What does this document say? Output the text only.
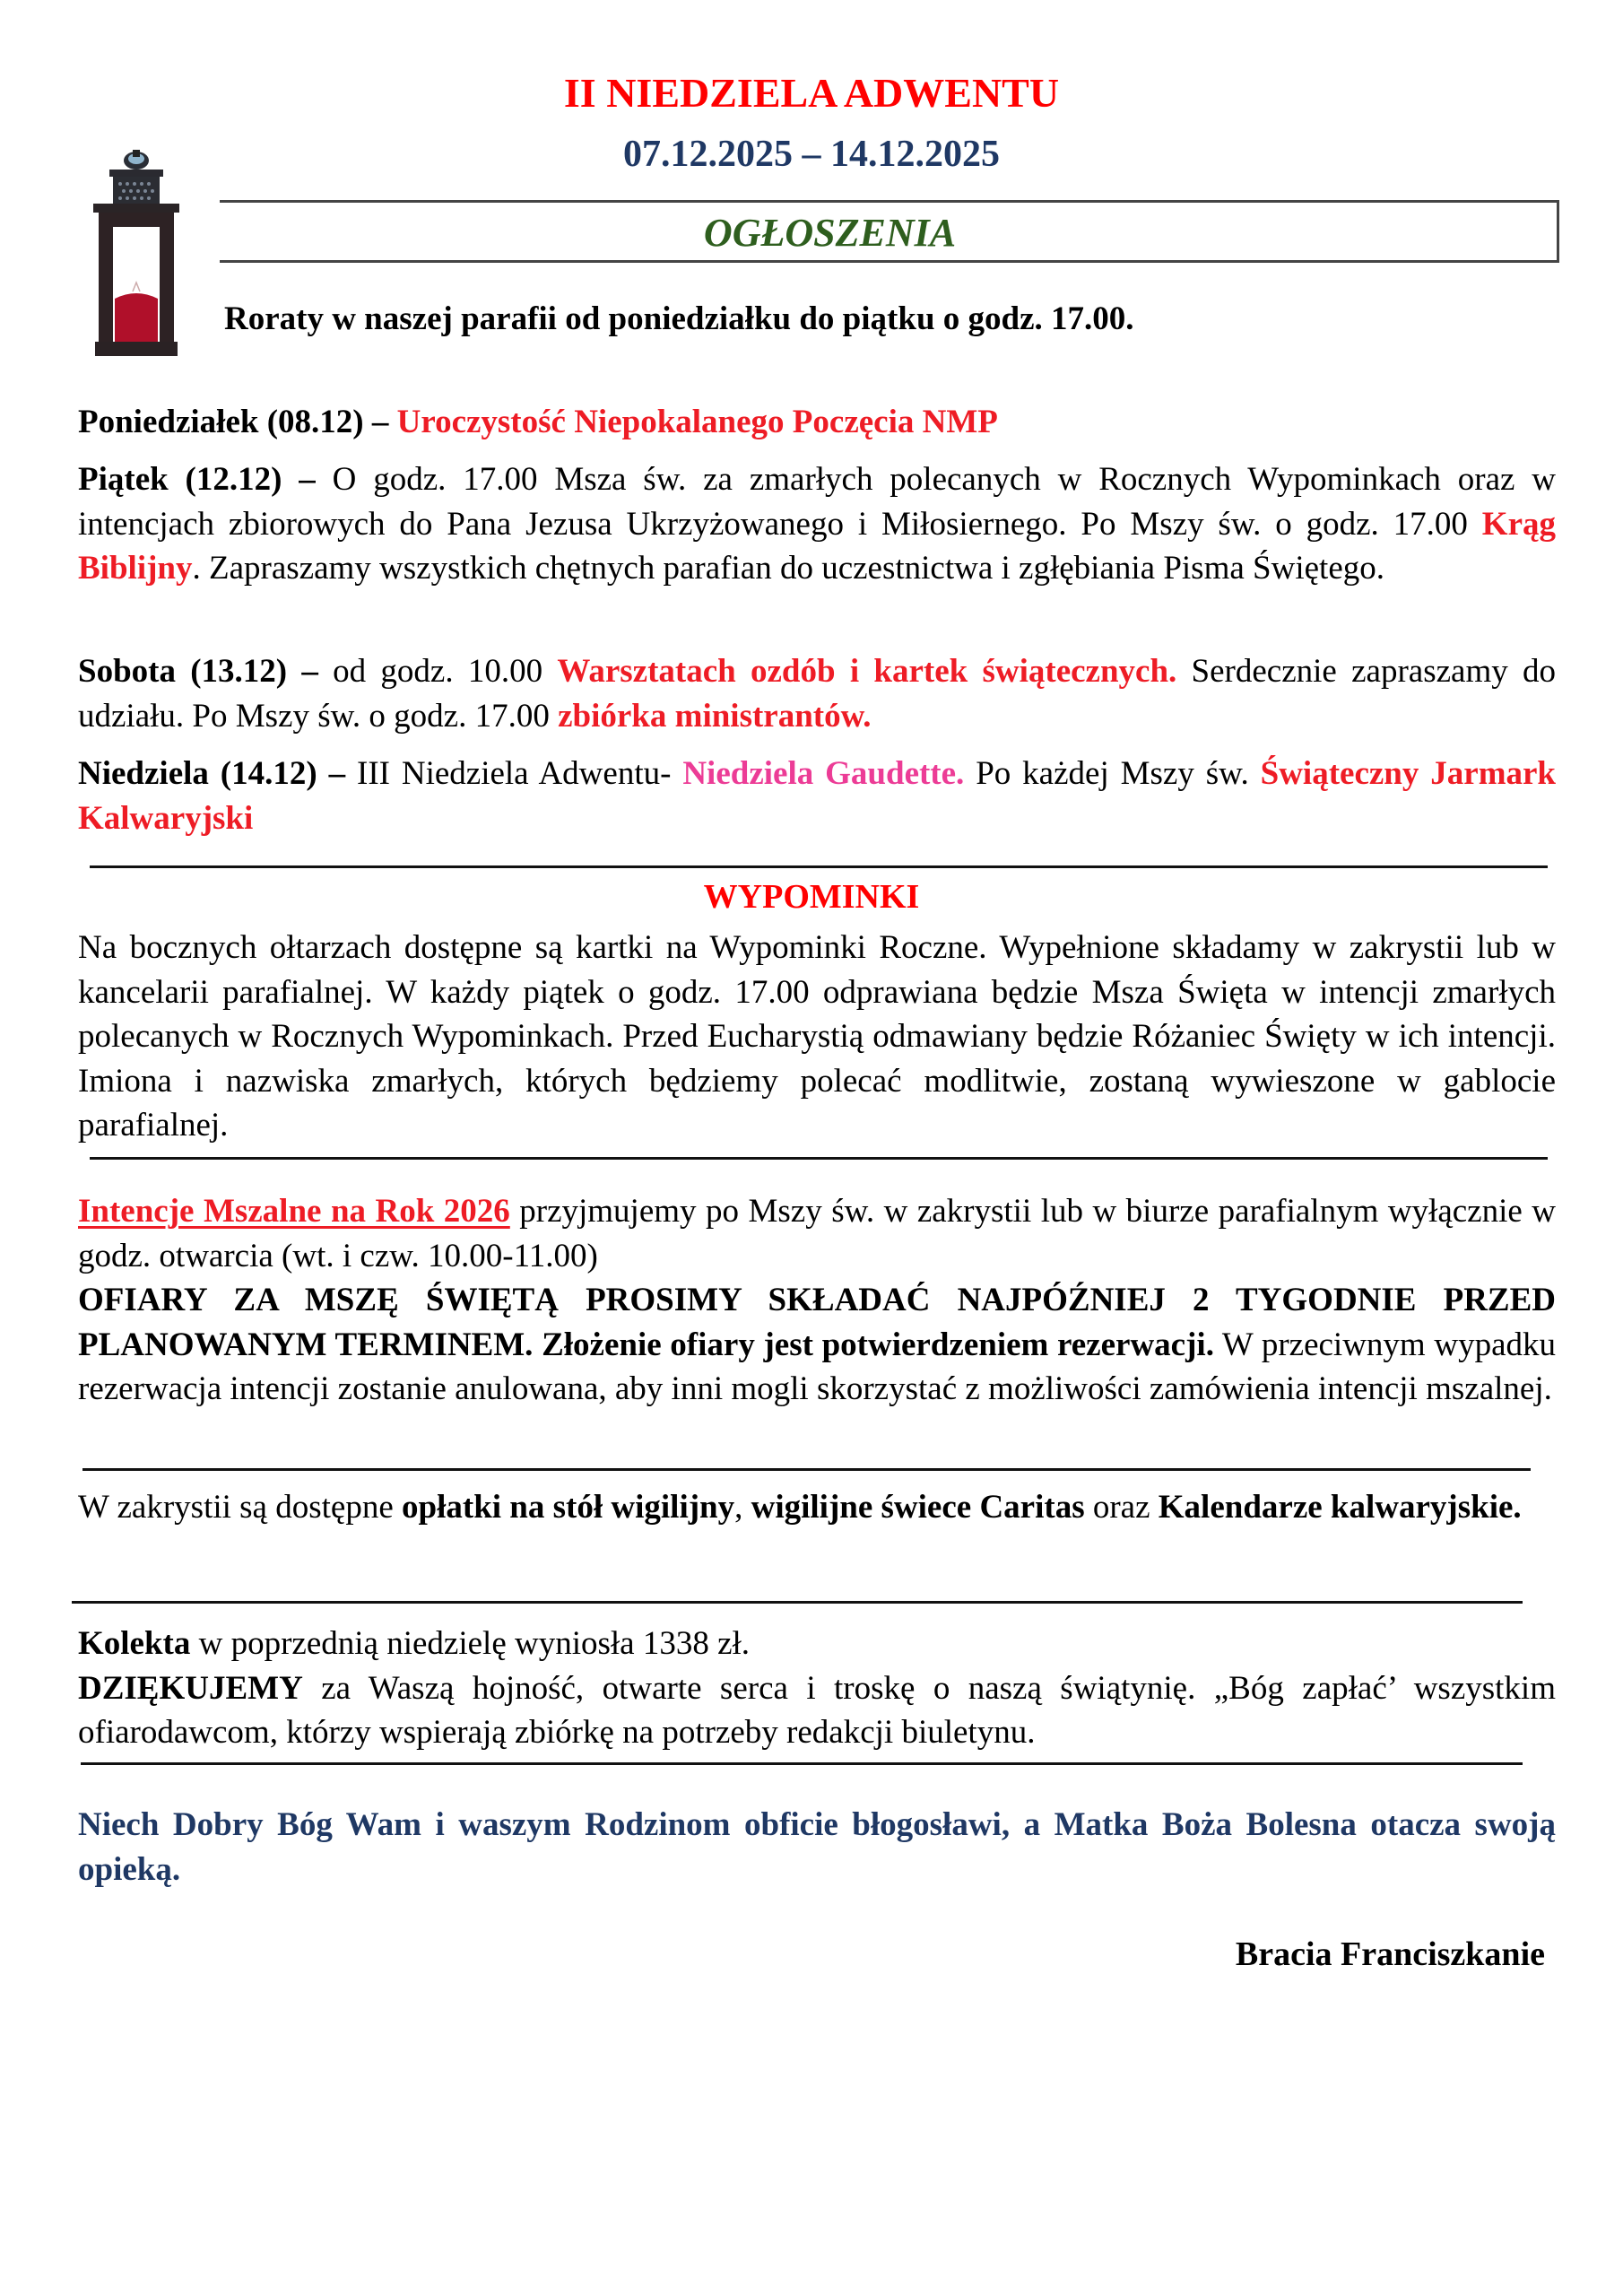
II NIEDZIELA ADWENTU
07.12.2025 – 14.12.2025
OGŁOSZENIA
Roraty w naszej parafii od poniedziałku do piątku o godz. 17.00.
Poniedziałek (08.12) – Uroczystość Niepokalanego Poczęcia NMP

Piątek (12.12) – O godz. 17.00 Msza św. za zmarłych polecanych w Rocznych Wypominkach oraz w intencjach zbiorowych do Pana Jezusa Ukrzyżowanego i Miłosiernego. Po Mszy św. o godz. 17.00 Krąg Biblijny. Zapraszamy wszystkich chętnych parafian do uczestnictwa i zgłębiania Pisma Świętego.

Sobota (13.12) – od godz. 10.00 Warsztatach ozdób i kartek świątecznych. Serdecznie zapraszamy do udziału. Po Mszy św. o godz. 17.00 zbiórka ministrantów.

Niedziela (14.12) – III Niedziela Adwentu- Niedziela Gaudette. Po każdej Mszy św. Świąteczny Jarmark Kalwaryjski

WYPOMINKI

Na bocznych ołtarzach dostępne są kartki na Wypominki Roczne. Wypełnione składamy w zakrystii lub w kancelarii parafialnej. W każdy piątek o godz. 17.00 odprawiana będzie Msza Święta w intencji zmarłych polecanych w Rocznych Wypominkach. Przed Eucharystią odmawiany będzie Różaniec Święty w ich intencji. Imiona i nazwiska zmarłych, których będziemy polecać modlitwie, zostaną wywieszone w gablocie parafialnej.

Intencje Mszalne na Rok 2026 przyjmujemy po Mszy św. w zakrystii lub w biurze parafialnym wyłącznie w godz. otwarcia (wt. i czw. 10.00-11.00)
OFIARY ZA MSZĘ ŚWIĘTĄ PROSIMY SKŁADAĆ NAJPÓŹNIEJ 2 TYGODNIE PRZED PLANOWANYM TERMINEM. Złożenie ofiary jest potwierdzeniem rezerwacji. W przeciwnym wypadku rezerwacja intencji zostanie anulowana, aby inni mogli skorzystać z możliwości zamówienia intencji mszalnej.

W zakrystii są dostępne opłatki na stół wigilijny, wigilijne świece Caritas oraz Kalendarze kalwaryjskie.

Kolekta w poprzednią niedzielę wyniosła 1338 zł.
DZIĘKUJEMY za Waszą hojność, otwarte serca i troskę o naszą świątynię. „Bóg zapłać’ wszystkim ofiarodawcom, którzy wspierają zbiórkę na potrzeby redakcji biuletynu.

Niech Dobry Bóg Wam i waszym Rodzinom obficie błogosławi, a Matka Boża Bolesna otacza swoją opieką.

Bracia Franciszkanie
